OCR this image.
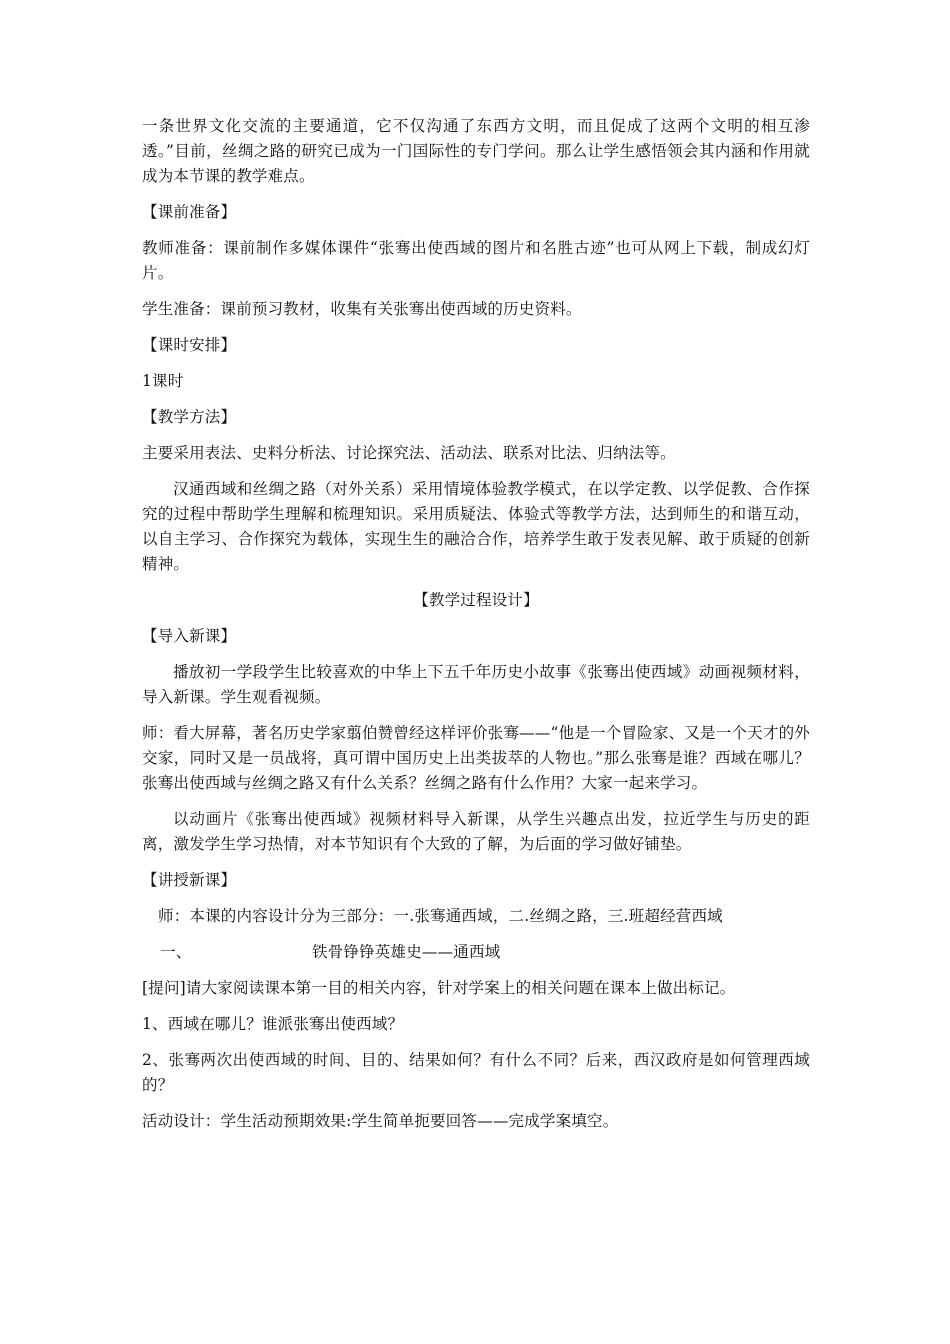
一条世界文化交流的主要通道，它不仅沟通了东西方文明，而且促成了这两个文明的相互渗透。”目前，丝绸之路的研究已成为一门国际性的专门学问。那么让学生感悟领会其内涵和作用就成为本节课的教学难点。

【课前准备】

教师准备：课前制作多媒体课件“张骞出使西域的图片和名胜古迹”也可从网上下载，制成幻灯片。

学生准备：课前预习教材，收集有关张骞出使西域的历史资料。

【课时安排】

1课时

【教学方法】

主要采用表法、史料分析法、讨论探究法、活动法、联系对比法、归纳法等。

汉通西域和丝绸之路（对外关系）采用情境体验教学模式，在以学定教、以学促教、合作探究的过程中帮助学生理解和梳理知识。采用质疑法、体验式等教学方法，达到师生的和谐互动，以自主学习、合作探究为载体，实现生生的融洽合作，培养学生敢于发表见解、敢于质疑的创新精神。

【教学过程设计】

【导入新课】

播放初一学段学生比较喜欢的中华上下五千年历史小故事《张骞出使西域》动画视频材料，导入新课。学生观看视频。

师：看大屏幕，著名历史学家翦伯赞曾经这样评价张骞——“他是一个冒险家、又是一个天才的外交家，同时又是一员战将，真可谓中国历史上出类拔萃的人物也。”那么张骞是谁？西域在哪儿？张骞出使西域与丝绸之路又有什么关系？丝绸之路有什么作用？大家一起来学习。

以动画片《张骞出使西域》视频材料导入新课，从学生兴趣点出发，拉近学生与历史的距离，激发学生学习热情，对本节知识有个大致的了解，为后面的学习做好铺垫。

【讲授新课】

师：本课的内容设计分为三部分：一.张骞通西域，二.丝绸之路，三.班超经营西域

一、	铁骨铮铮英雄史——通西域

[提问]请大家阅读课本第一目的相关内容，针对学案上的相关问题在课本上做出标记。

1、西域在哪儿？谁派张骞出使西域？

2、张骞两次出使西域的时间、目的、结果如何？有什么不同？后来，西汉政府是如何管理西域的？

活动设计：学生活动预期效果:学生简单扼要回答——完成学案填空。
